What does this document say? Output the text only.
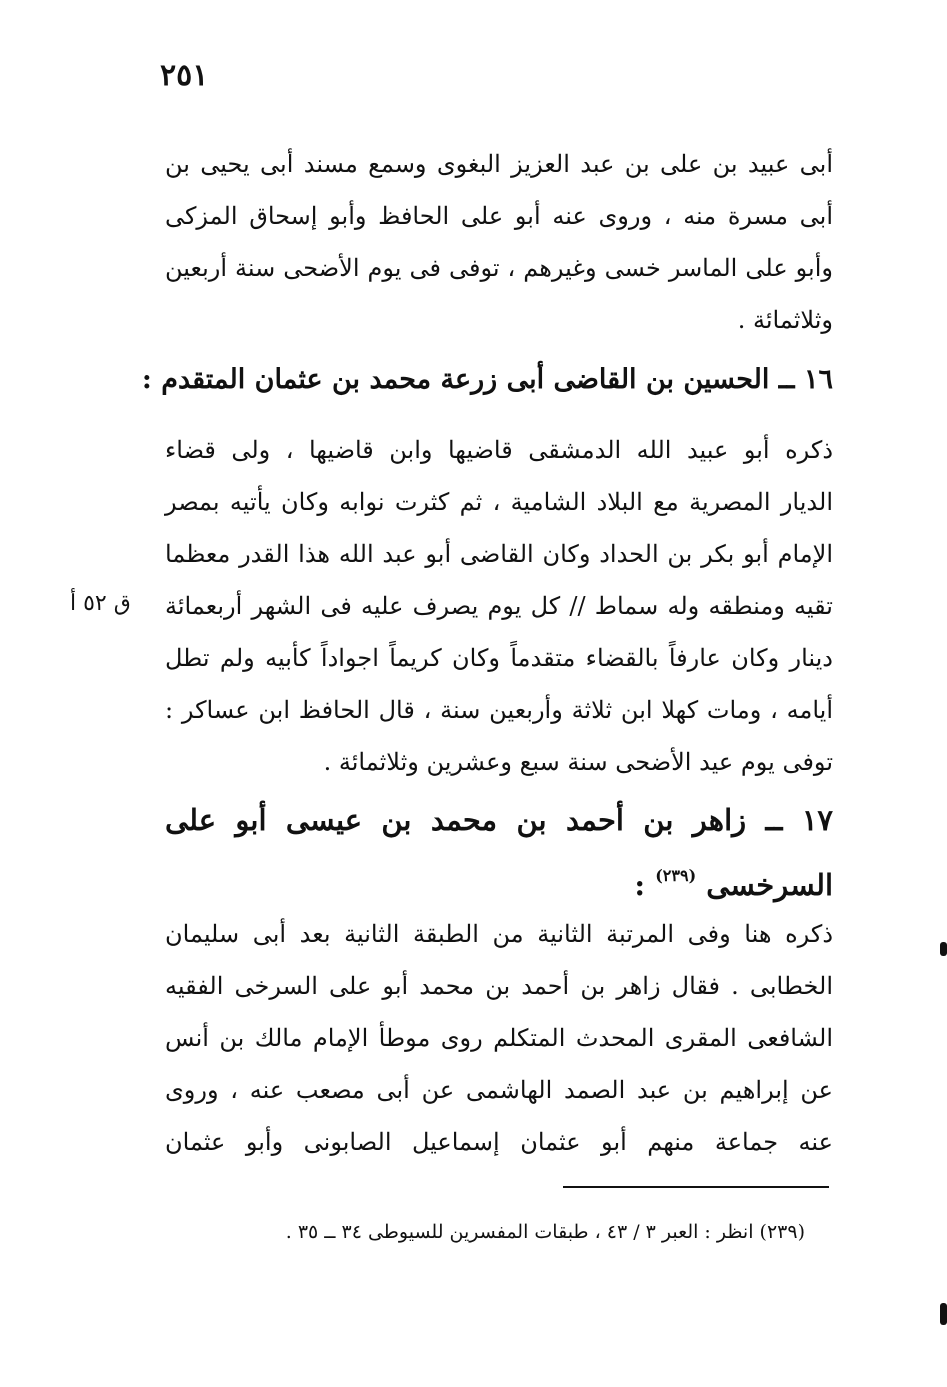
٢٥١
أبى عبيد بن على بن عبد العزيز البغوى وسمع مسند أبى يحيى بن
أبى مسرة منه ، وروى عنه أبو على الحافظ وأبو إسحاق المزكى
وأبو على الماسر خسى وغيرهم ، توفى فى يوم الأضحى سنة أربعين
وثلاثمائة .
١٦ ــ الحسين بن القاضى أبى زرعة محمد بن عثمان المتقدم :
ذكره أبو عبيد الله الدمشقى قاضيها وابن قاضيها ، ولى قضاء
الديار المصرية مع البلاد الشامية ، ثم كثرت نوابه وكان يأتيه بمصر
الإمام أبو بكر بن الحداد وكان القاضى أبو عبد الله هذا القدر معظما
تقيه ومنطقه وله سماط // كل يوم يصرف عليه فى الشهر أربعمائة
دينار وكان عارفاً بالقضاء متقدماً وكان كريماً اجواداً كأبيه ولم تطل
أيامه ، ومات كهلا ابن ثلاثة وأربعين سنة ، قال الحافظ ابن عساكر :
توفى يوم عيد الأضحى سنة سبع وعشرين وثلاثمائة .
ق ٥٢ أ
١٧ ــ زاهر بن أحمد بن محمد بن عيسى أبو على
السرخسى $^{(٢٣٩)}$ :
ذكره هنا وفى المرتبة الثانية من الطبقة الثانية بعد أبى سليمان
الخطابى . فقال زاهر بن أحمد بن محمد أبو على السرخى الفقيه
الشافعى المقرى المحدث المتكلم روى موطأ الإمام مالك بن أنس
عن إبراهيم بن عبد الصمد الهاشمى عن أبى مصعب عنه ، وروى
عنه جماعة منهم أبو عثمان إسماعيل الصابونى وأبو عثمان
(٢٣٩) انظر : العبر ٣ / ٤٣ ، طبقات المفسرين للسيوطى ٣٤ ــ ٣٥ .
